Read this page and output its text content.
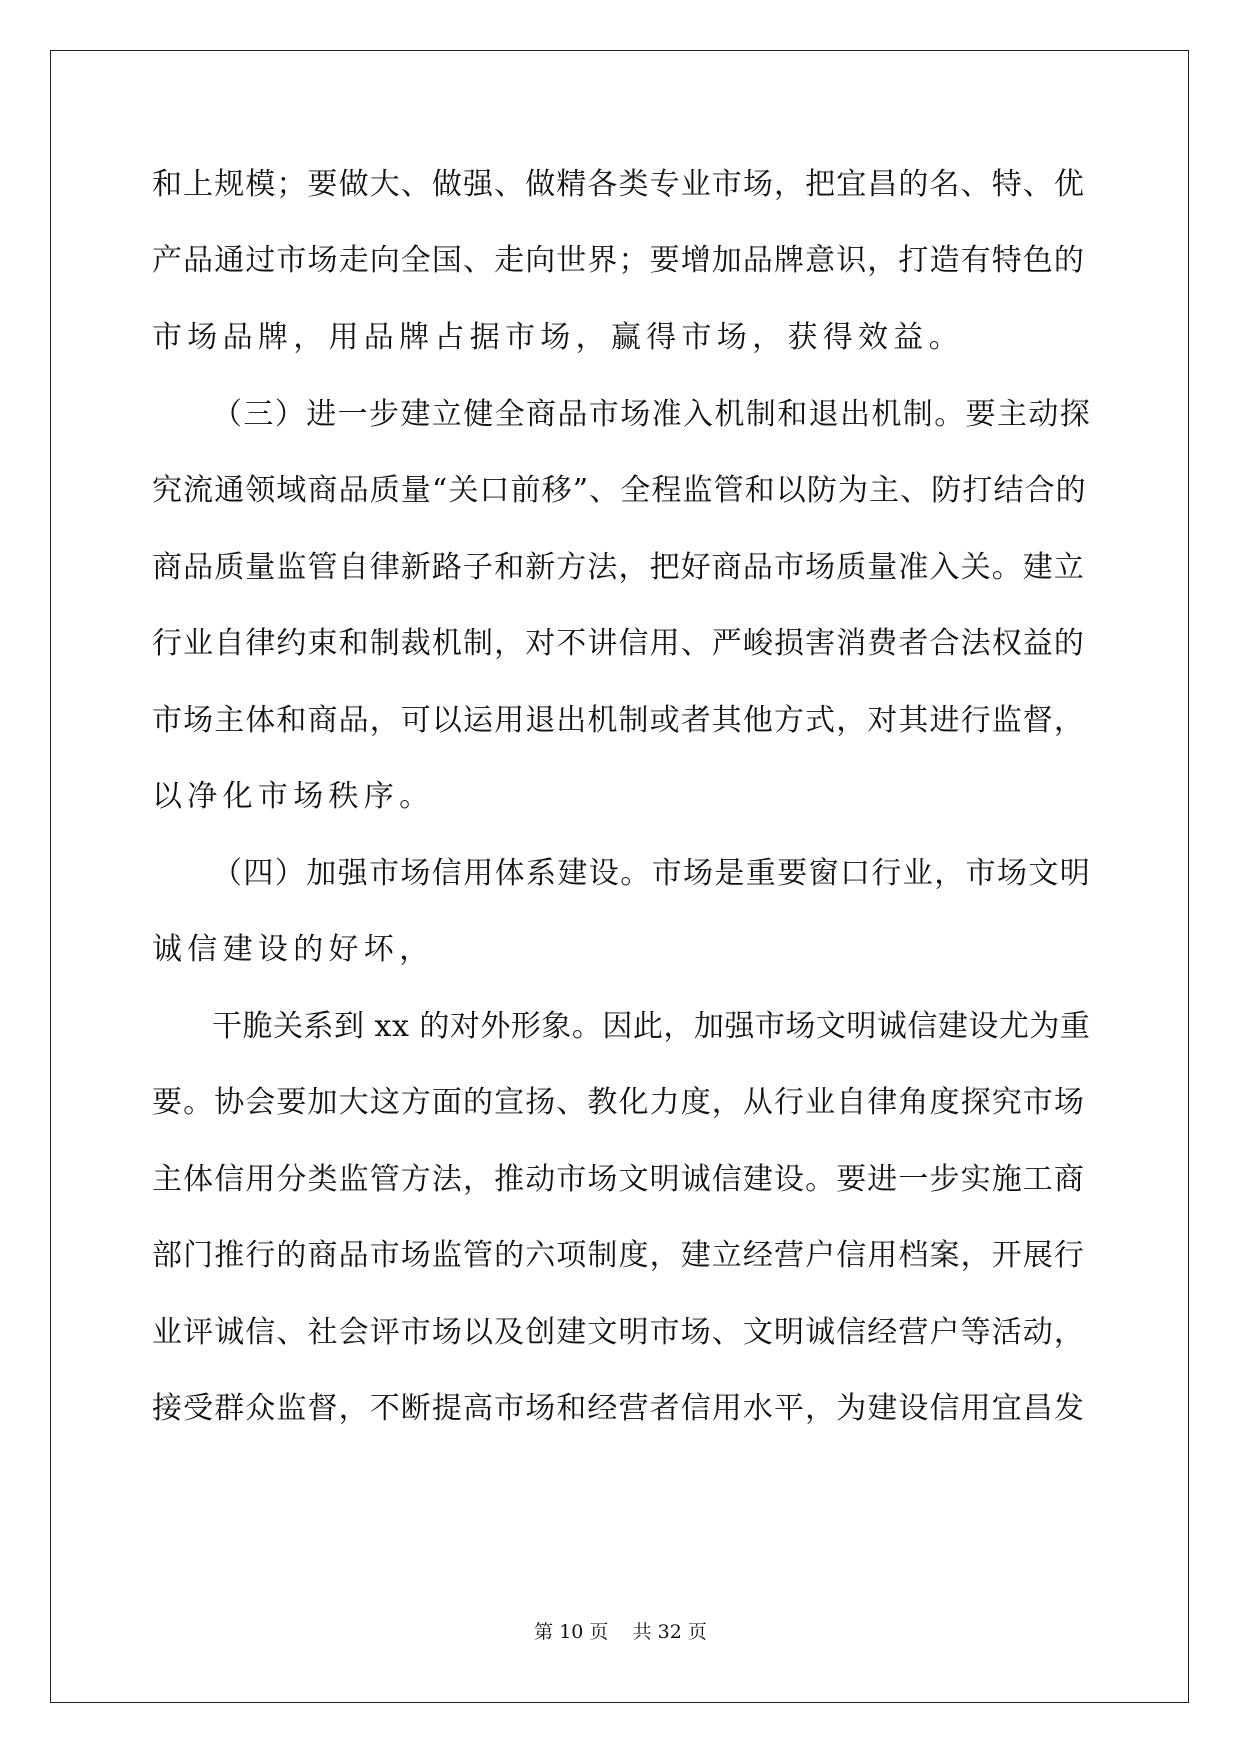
和上规模；要做大、做强、做精各类专业市场，把宜昌的名、特、优
产品通过市场走向全国、走向世界；要增加品牌意识，打造有特色的
市场品牌，用品牌占据市场，赢得市场，获得效益。
（三）进一步建立健全商品市场准入机制和退出机制。要主动探
究流通领域商品质量“关口前移”、全程监管和以防为主、防打结合的
商品质量监管自律新路子和新方法，把好商品市场质量准入关。建立
行业自律约束和制裁机制，对不讲信用、严峻损害消费者合法权益的
市场主体和商品，可以运用退出机制或者其他方式，对其进行监督，
以净化市场秩序。
（四）加强市场信用体系建设。市场是重要窗口行业，市场文明
诚信建设的好坏，
干脆关系到 xx 的对外形象。因此，加强市场文明诚信建设尤为重
要。协会要加大这方面的宣扬、教化力度，从行业自律角度探究市场
主体信用分类监管方法，推动市场文明诚信建设。要进一步实施工商
部门推行的商品市场监管的六项制度，建立经营户信用档案，开展行
业评诚信、社会评市场以及创建文明市场、文明诚信经营户等活动，
接受群众监督，不断提高市场和经营者信用水平，为建设信用宜昌发
第 10 页    共 32 页
